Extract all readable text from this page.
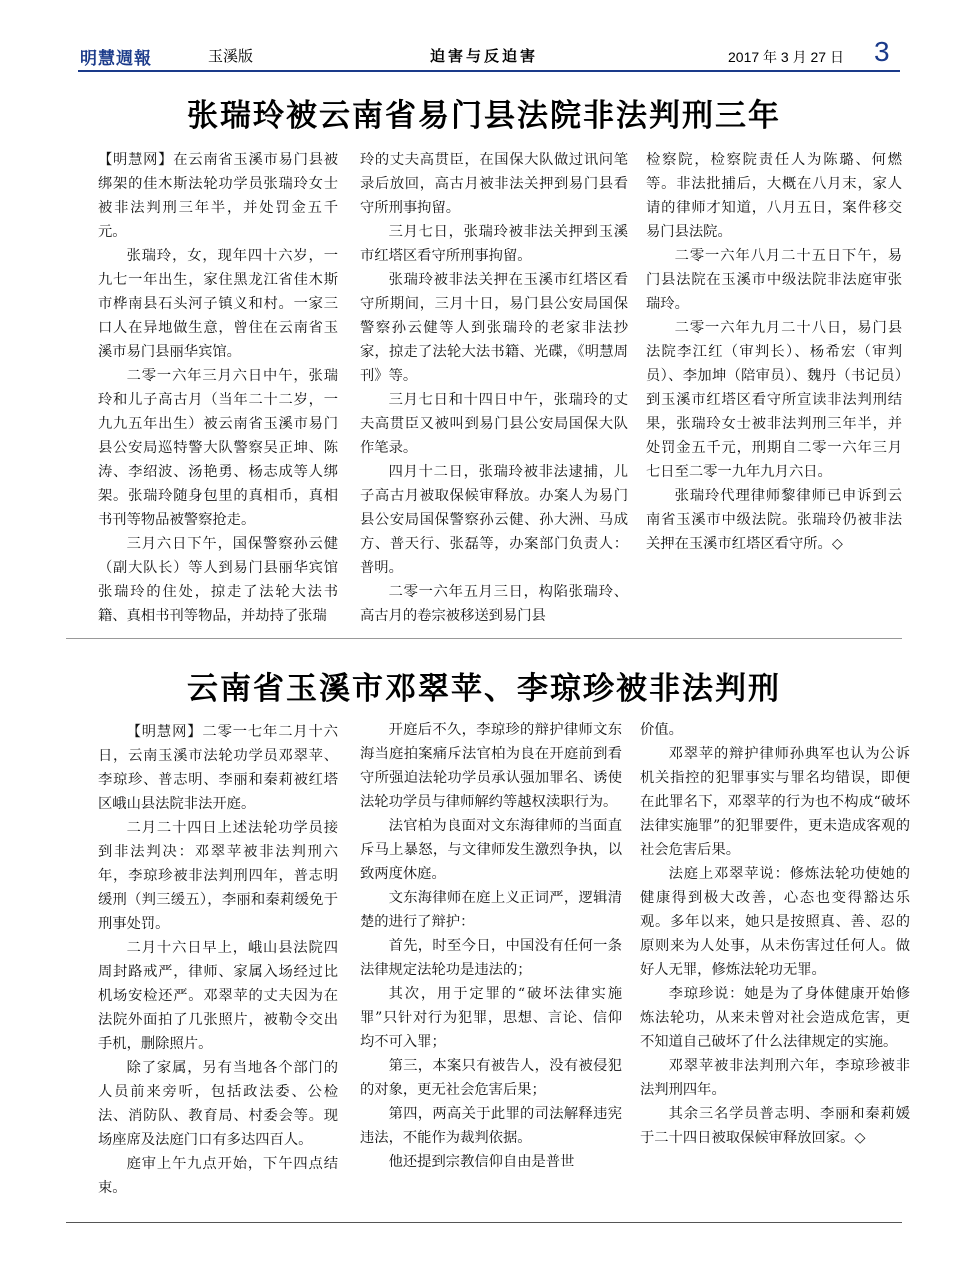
明慧週報	玉溪版	迫害与反迫害	2017 年 3 月 27 日 3
张瑞玲被云南省易门县法院非法判刑三年

【明慧网】在云南省玉溪市易门县被绑架的佳木斯法轮功学员张瑞玲女士被非法判刑三年半，并处罚金五千元。

张瑞玲，女，现年四十六岁，一九七一年出生，家住黑龙江省佳木斯市桦南县石头河子镇义和村。一家三口人在异地做生意，曾住在云南省玉溪市易门县丽华宾馆。

二零一六年三月六日中午，张瑞玲和儿子高古月（当年二十二岁，一九九五年出生）被云南省玉溪市易门县公安局巡特警大队警察吴正坤、陈涛、李绍波、汤艳勇、杨志成等人绑架。张瑞玲随身包里的真相币，真相书刊等物品被警察抢走。

三月六日下午，国保警察孙云健（副大队长）等人到易门县丽华宾馆张瑞玲的住处，掠走了法轮大法书籍、真相书刊等物品，并劫持了张瑞

玲的丈夫高贯臣，在国保大队做过讯问笔录后放回，高古月被非法关押到易门县看守所刑事拘留。

三月七日，张瑞玲被非法关押到玉溪市红塔区看守所刑事拘留。

张瑞玲被非法关押在玉溪市红塔区看守所期间，三月十日，易门县公安局国保警察孙云健等人到张瑞玲的老家非法抄家，掠走了法轮大法书籍、光碟，《明慧周刊》等。

三月七日和十四日中午，张瑞玲的丈夫高贯臣又被叫到易门县公安局国保大队作笔录。

四月十二日，张瑞玲被非法逮捕，儿子高古月被取保候审释放。办案人为易门县公安局国保警察孙云健、孙大洲、马成方、普天行、张磊等，办案部门负责人：普明。

二零一六年五月三日，构陷张瑞玲、高古月的卷宗被移送到易门县

检察院，检察院责任人为陈璐、何燃等。非法批捕后，大概在八月末，家人请的律师才知道，八月五日，案件移交易门县法院。

二零一六年八月二十五日下午，易门县法院在玉溪市中级法院非法庭审张瑞玲。

二零一六年九月二十八日，易门县法院李江红（审判长）、杨希宏（审判员）、李加坤（陪审员）、魏丹（书记员）到玉溪市红塔区看守所宣读非法判刑结果，张瑞玲女士被非法判刑三年半，并处罚金五千元，刑期自二零一六年三月七日至二零一九年九月六日。

张瑞玲代理律师黎律师已申诉到云南省玉溪市中级法院。张瑞玲仍被非法关押在玉溪市红塔区看守所。◇

云南省玉溪市邓翠苹、李琼珍被非法判刑

【明慧网】二零一七年二月十六日，云南玉溪市法轮功学员邓翠苹、李琼珍、普志明、李丽和秦莉被红塔区峨山县法院非法开庭。

二月二十四日上述法轮功学员接到非法判决：邓翠苹被非法判刑六年，李琼珍被非法判刑四年，普志明缓刑（判三缓五），李丽和秦莉缓免于刑事处罚。

二月十六日早上，峨山县法院四周封路戒严，律师、家属入场经过比机场安检还严。邓翠苹的丈夫因为在法院外面拍了几张照片，被勒令交出手机，删除照片。

除了家属，另有当地各个部门的人员前来旁听，包括政法委、公检法、消防队、教育局、村委会等。现场座席及法庭门口有多达四百人。

庭审上午九点开始，下午四点结束。

开庭后不久，李琼珍的辩护律师文东海当庭拍案痛斥法官柏为良在开庭前到看守所强迫法轮功学员承认强加罪名、诱使法轮功学员与律师解约等越权渎职行为。

法官柏为良面对文东海律师的当面直斥马上暴怒，与文律师发生激烈争执，以致两度休庭。

文东海律师在庭上义正词严，逻辑清楚的进行了辩护：

首先，时至今日，中国没有任何一条法律规定法轮功是违法的；

其次，用于定罪的“破坏法律实施罪”只针对行为犯罪，思想、言论、信仰均不可入罪；

第三，本案只有被告人，没有被侵犯的对象，更无社会危害后果；

第四，两高关于此罪的司法解释违宪违法，不能作为裁判依据。

他还提到宗教信仰自由是普世

价值。

邓翠苹的辩护律师孙典军也认为公诉机关指控的犯罪事实与罪名均错误，即便在此罪名下，邓翠苹的行为也不构成“破坏法律实施罪”的犯罪要件，更未造成客观的社会危害后果。

法庭上邓翠苹说：修炼法轮功使她的健康得到极大改善，心态也变得豁达乐观。多年以来，她只是按照真、善、忍的原则来为人处事，从未伤害过任何人。做好人无罪，修炼法轮功无罪。

李琼珍说：她是为了身体健康开始修炼法轮功，从来未曾对社会造成危害，更不知道自己破坏了什么法律规定的实施。

邓翠苹被非法判刑六年，李琼珍被非法判刑四年。

其余三名学员普志明、李丽和秦莉媛于二十四日被取保候审释放回家。◇
